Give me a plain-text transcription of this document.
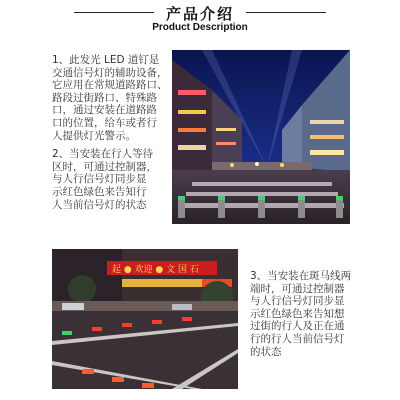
产品介绍
Product Description

1、此发光 LED 道钉是
交通信号灯的辅助设备，
它应用在常规道路路口、
路段过街路口、特殊路
口，通过安装在道路路
口的位置，给车或者行
人提供灯光警示。

2、当安装在行人等待
区时，可通过控制器，
与人行信号灯同步显
示红色绿色来告知行
人当前信号灯的状态

起 ● 欢迎 ● 文 国 石	3、当安装在斑马线两
端时，可通过控制器
与人行信号灯同步显
示红色绿色来告知想
过街的行人及正在通
行的行人当前信号灯
的状态
